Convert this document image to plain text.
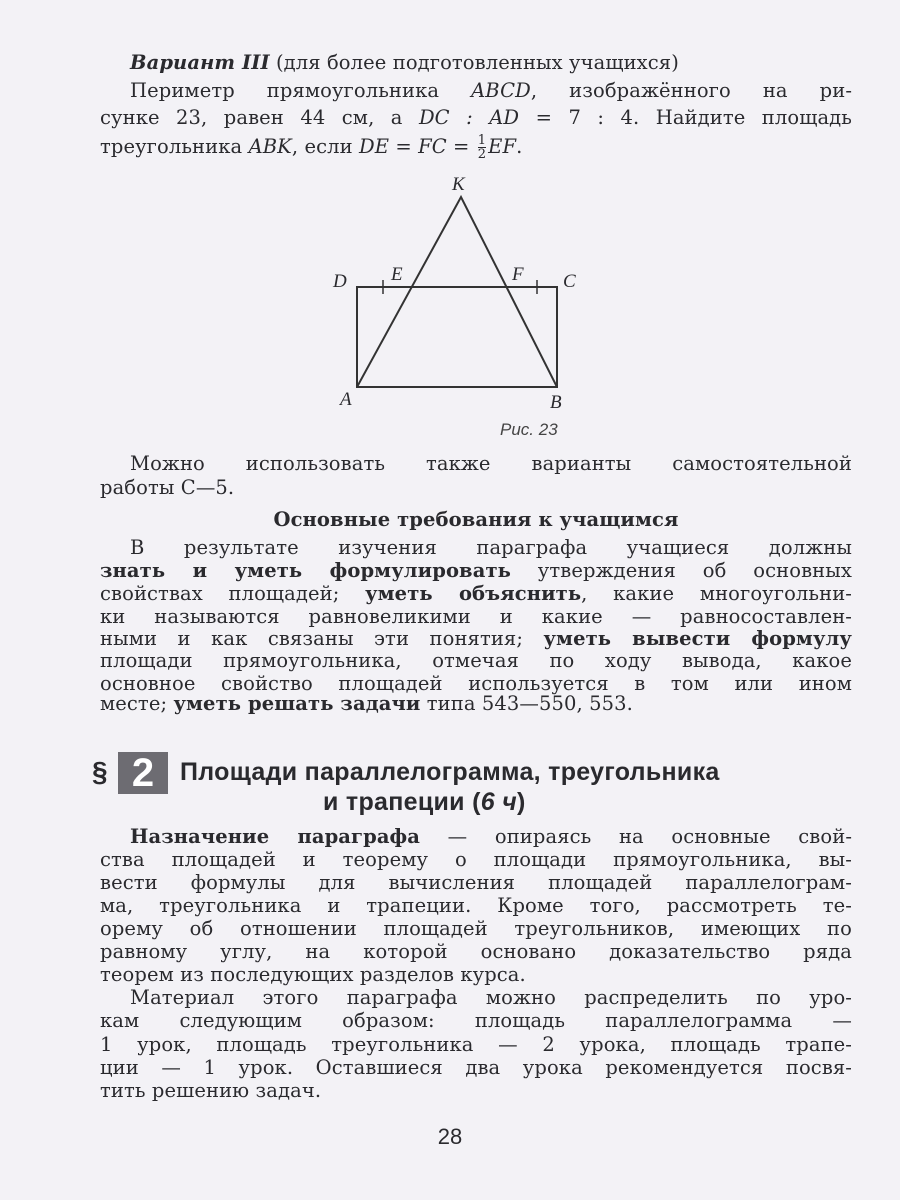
Вариант III (для более подготовленных учащихся)
Периметр прямоугольника ABCD, изображённого на ри-
сунке 23, равен 44 см, а DC : AD = 7 : 4. Найдите площадь
треугольника ABK, если DE = FC = $\frac{1}{2}$ EF.
Можно использовать также варианты самостоятельной
работы С—5.
Основные требования к учащимся
В результате изучения параграфа учащиеся должны
знать и уметь формулировать утверждения об основных
свойствах площадей; уметь объяснить, какие многоугольни-
ки называются равновеликими и какие — равносоставлен-
ными и как связаны эти понятия; уметь вывести формулу
площади прямоугольника, отмечая по ходу вывода, какое
основное свойство площадей используется в том или ином
месте; уметь решать задачи типа 543—550, 553.
Назначение параграфа — опираясь на основные свой-
ства площадей и теорему о площади прямоугольника, вы-
вести формулы для вычисления площадей параллелограм-
ма, треугольника и трапеции. Кроме того, рассмотреть те-
орему об отношении площадей треугольников, имеющих по
равному углу, на которой основано доказательство ряда
теорем из последующих разделов курса.
Материал этого параграфа можно распределить по уро-
кам следующим образом: площадь параллелограмма —
1 урок, площадь треугольника — 2 урока, площадь трапе-
ции — 1 урок. Оставшиеся два урока рекомендуется посвя-
тить решению задач.
K
D E	F C
A	B
Рис. 23
§ 2	Площади параллелограмма, треугольника
и трапеции (6 ч)
28
